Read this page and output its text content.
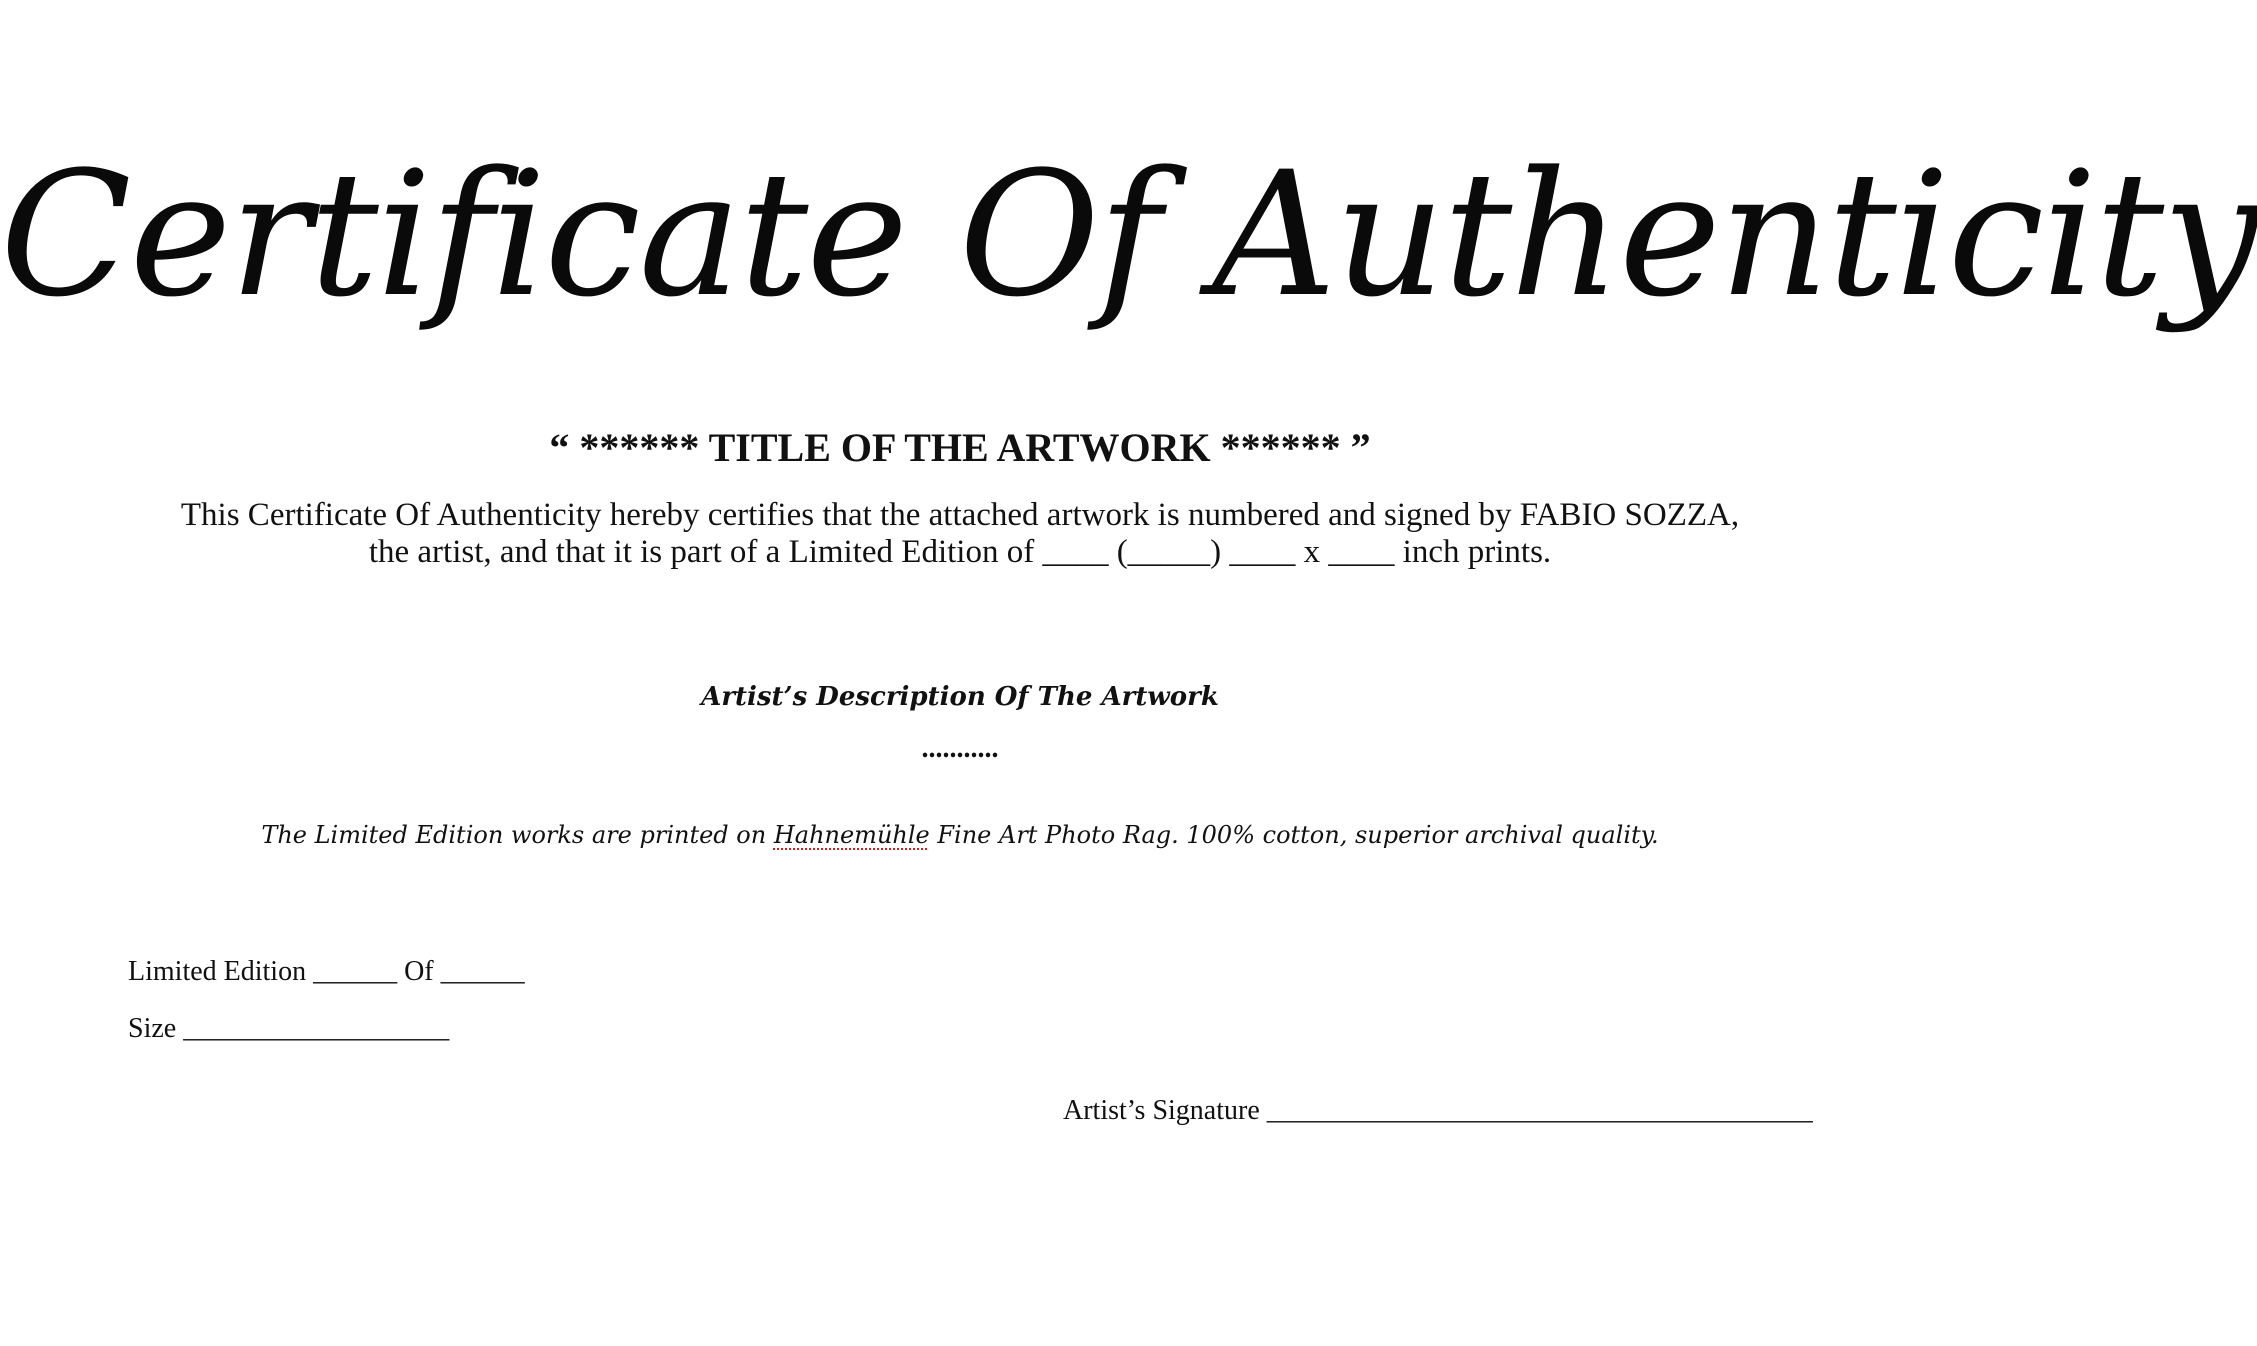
Certificate Of Authenticity
“ ****** TITLE OF THE ARTWORK ****** ”
This Certificate Of Authenticity hereby certifies that the attached artwork is numbered and signed by FABIO SOZZA,
the artist, and that it is part of a Limited Edition of ____ (_____) ____ x ____ inch prints.
Artist’s Description Of The Artwork
...........
The Limited Edition works are printed on Hahnemühle Fine Art Photo Rag. 100% cotton, superior archival quality.
Limited Edition ______ Of ______
Size ___________________
Artist’s Signature _______________________________________
